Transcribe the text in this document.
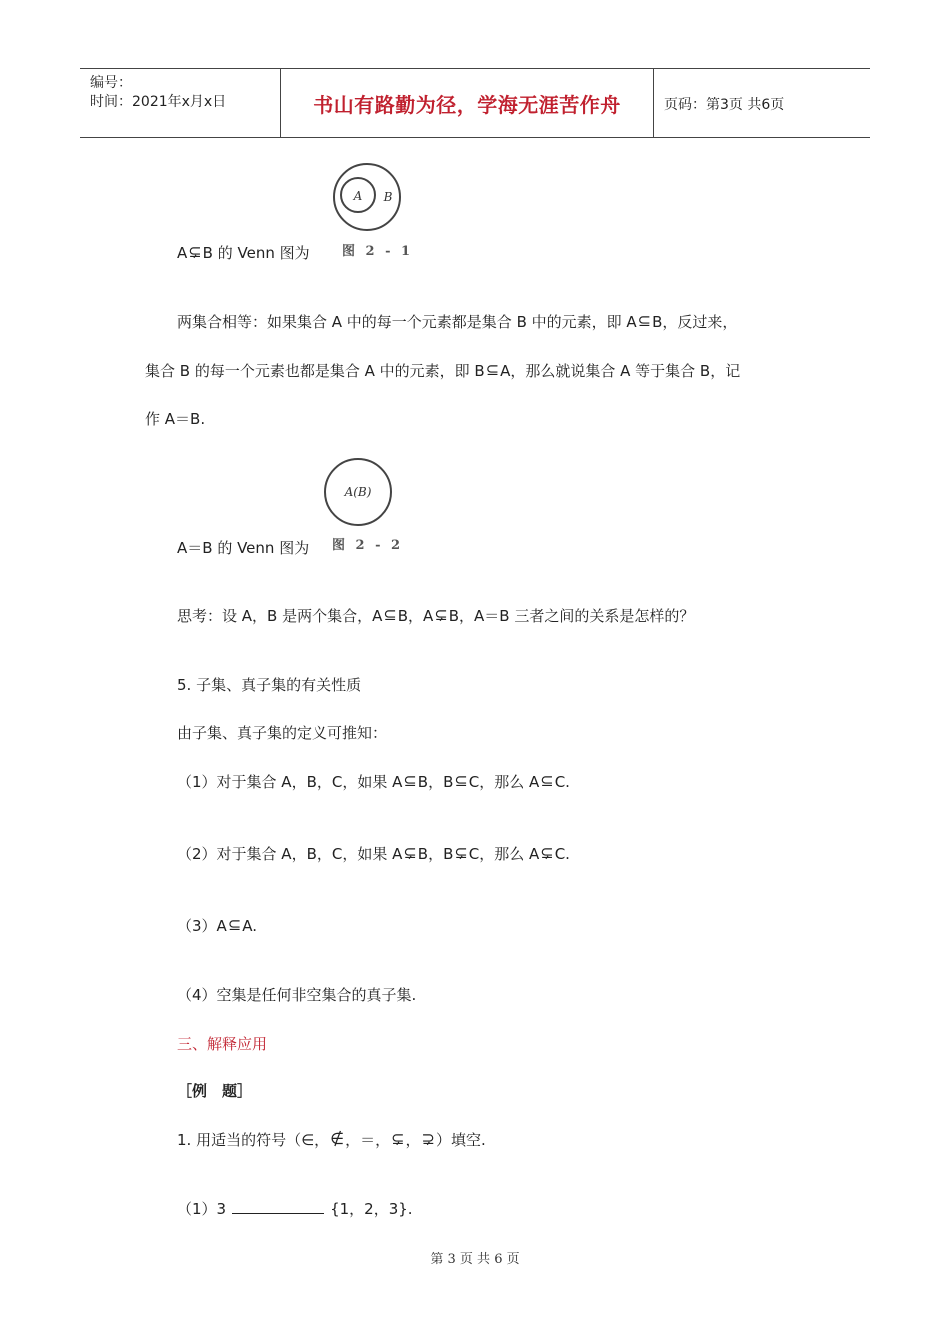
编号：
时间：2021年x月x日	书山有路勤为径，学海无涯苦作舟	页码：第3页 共6页
A B
图 2 - 1
A⊊B 的 Venn 图为
两集合相等：如果集合 A 中的每一个元素都是集合 B 中的元素，即 A⊆B，反过来，
集合 B 的每一个元素也都是集合 A 中的元素，即 B⊆A，那么就说集合 A 等于集合 B，记
作 A＝B.
A(B)
图 2 - 2
A＝B 的 Venn 图为
思考：设 A，B 是两个集合，A⊆B，A⊊B，A＝B 三者之间的关系是怎样的？
5. 子集、真子集的有关性质
由子集、真子集的定义可推知：
（1）对于集合 A，B，C，如果 A⊆B，B⊆C，那么 A⊆C.
（2）对于集合 A，B，C，如果 A⊊B，B⊊C，那么 A⊊C.
（3）A⊆A.
（4）空集是任何非空集合的真子集.
三、解释应用
［例　题］
1. 用适当的符号（∈，∉，＝，⊊，⊋）填空.
（1）3	{1，2，3}.
第 3 页 共 6 页
